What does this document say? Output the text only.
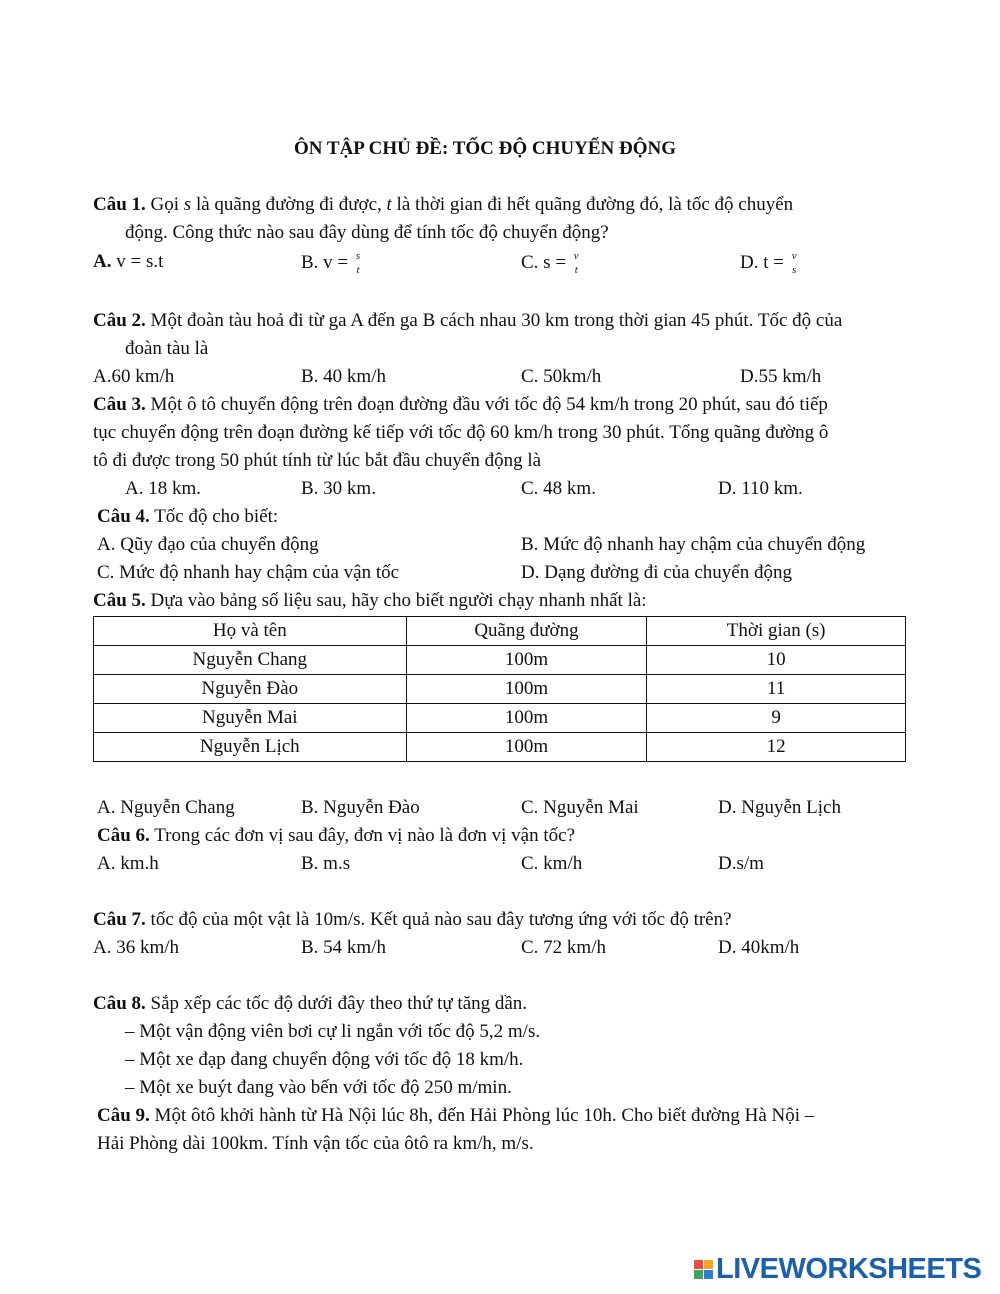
ÔN TẬP CHỦ ĐỀ: TỐC ĐỘ CHUYỂN ĐỘNG
Câu 1. Gọi s là quãng đường đi được, t là thời gian đi hết quãng đường đó, là tốc độ chuyển
động. Công thức nào sau đây dùng để tính tốc độ chuyển động?
A. v = s.t	B. v = s
t	C. s = v
t	D. t = v
s
Câu 2. Một đoàn tàu hoả đi từ ga A đến ga B cách nhau 30 km trong thời gian 45 phút. Tốc độ của
đoàn tàu là
A.60 km/h	B. 40 km/h	C. 50km/h	D.55 km/h
Câu 3. Một ô tô chuyển động trên đoạn đường đầu với tốc độ 54 km/h trong 20 phút, sau đó tiếp
tục chuyển động trên đoạn đường kế tiếp với tốc độ 60 km/h trong 30 phút. Tổng quãng đường ô
tô đi được trong 50 phút tính từ lúc bắt đầu chuyển động là
A. 18 km.	B. 30 km.	C. 48 km.	D. 110 km.
Câu 4. Tốc độ cho biết:
A. Qũy đạo của chuyển động	B. Mức độ nhanh hay chậm của chuyển động
C. Mức độ nhanh hay chậm của vận tốc	D. Dạng đường đi của chuyển động
Câu 5. Dựa vào bảng số liệu sau, hãy cho biết người chạy nhanh nhất là:
Họ và tên	Quãng đường	Thời gian (s)
Nguyễn Chang	100m	10
Nguyễn Đào	100m	11
Nguyễn Mai	100m	9
Nguyễn Lịch	100m	12
A. Nguyễn Chang	B. Nguyễn Đào	C. Nguyễn Mai	D. Nguyễn Lịch
Câu 6. Trong các đơn vị sau đây, đơn vị nào là đơn vị vận tốc?
A. km.h	B. m.s	C. km/h	D.s/m
Câu 7. tốc độ của một vật là 10m/s. Kết quả nào sau đây tương ứng với tốc độ trên?
A. 36 km/h	B. 54 km/h	C. 72 km/h	D. 40km/h
Câu 8. Sắp xếp các tốc độ dưới đây theo thứ tự tăng dần.
– Một vận động viên bơi cự li ngắn với tốc độ 5,2 m/s.
– Một xe đạp đang chuyển động với tốc độ 18 km/h.
– Một xe buýt đang vào bến với tốc độ 250 m/min.
Câu 9. Một ôtô khởi hành từ Hà Nội lúc 8h, đến Hải Phòng lúc 10h. Cho biết đường Hà Nội –
Hải Phòng dài 100km. Tính vận tốc của ôtô ra km/h, m/s.
LIVEWORKSHEETS
